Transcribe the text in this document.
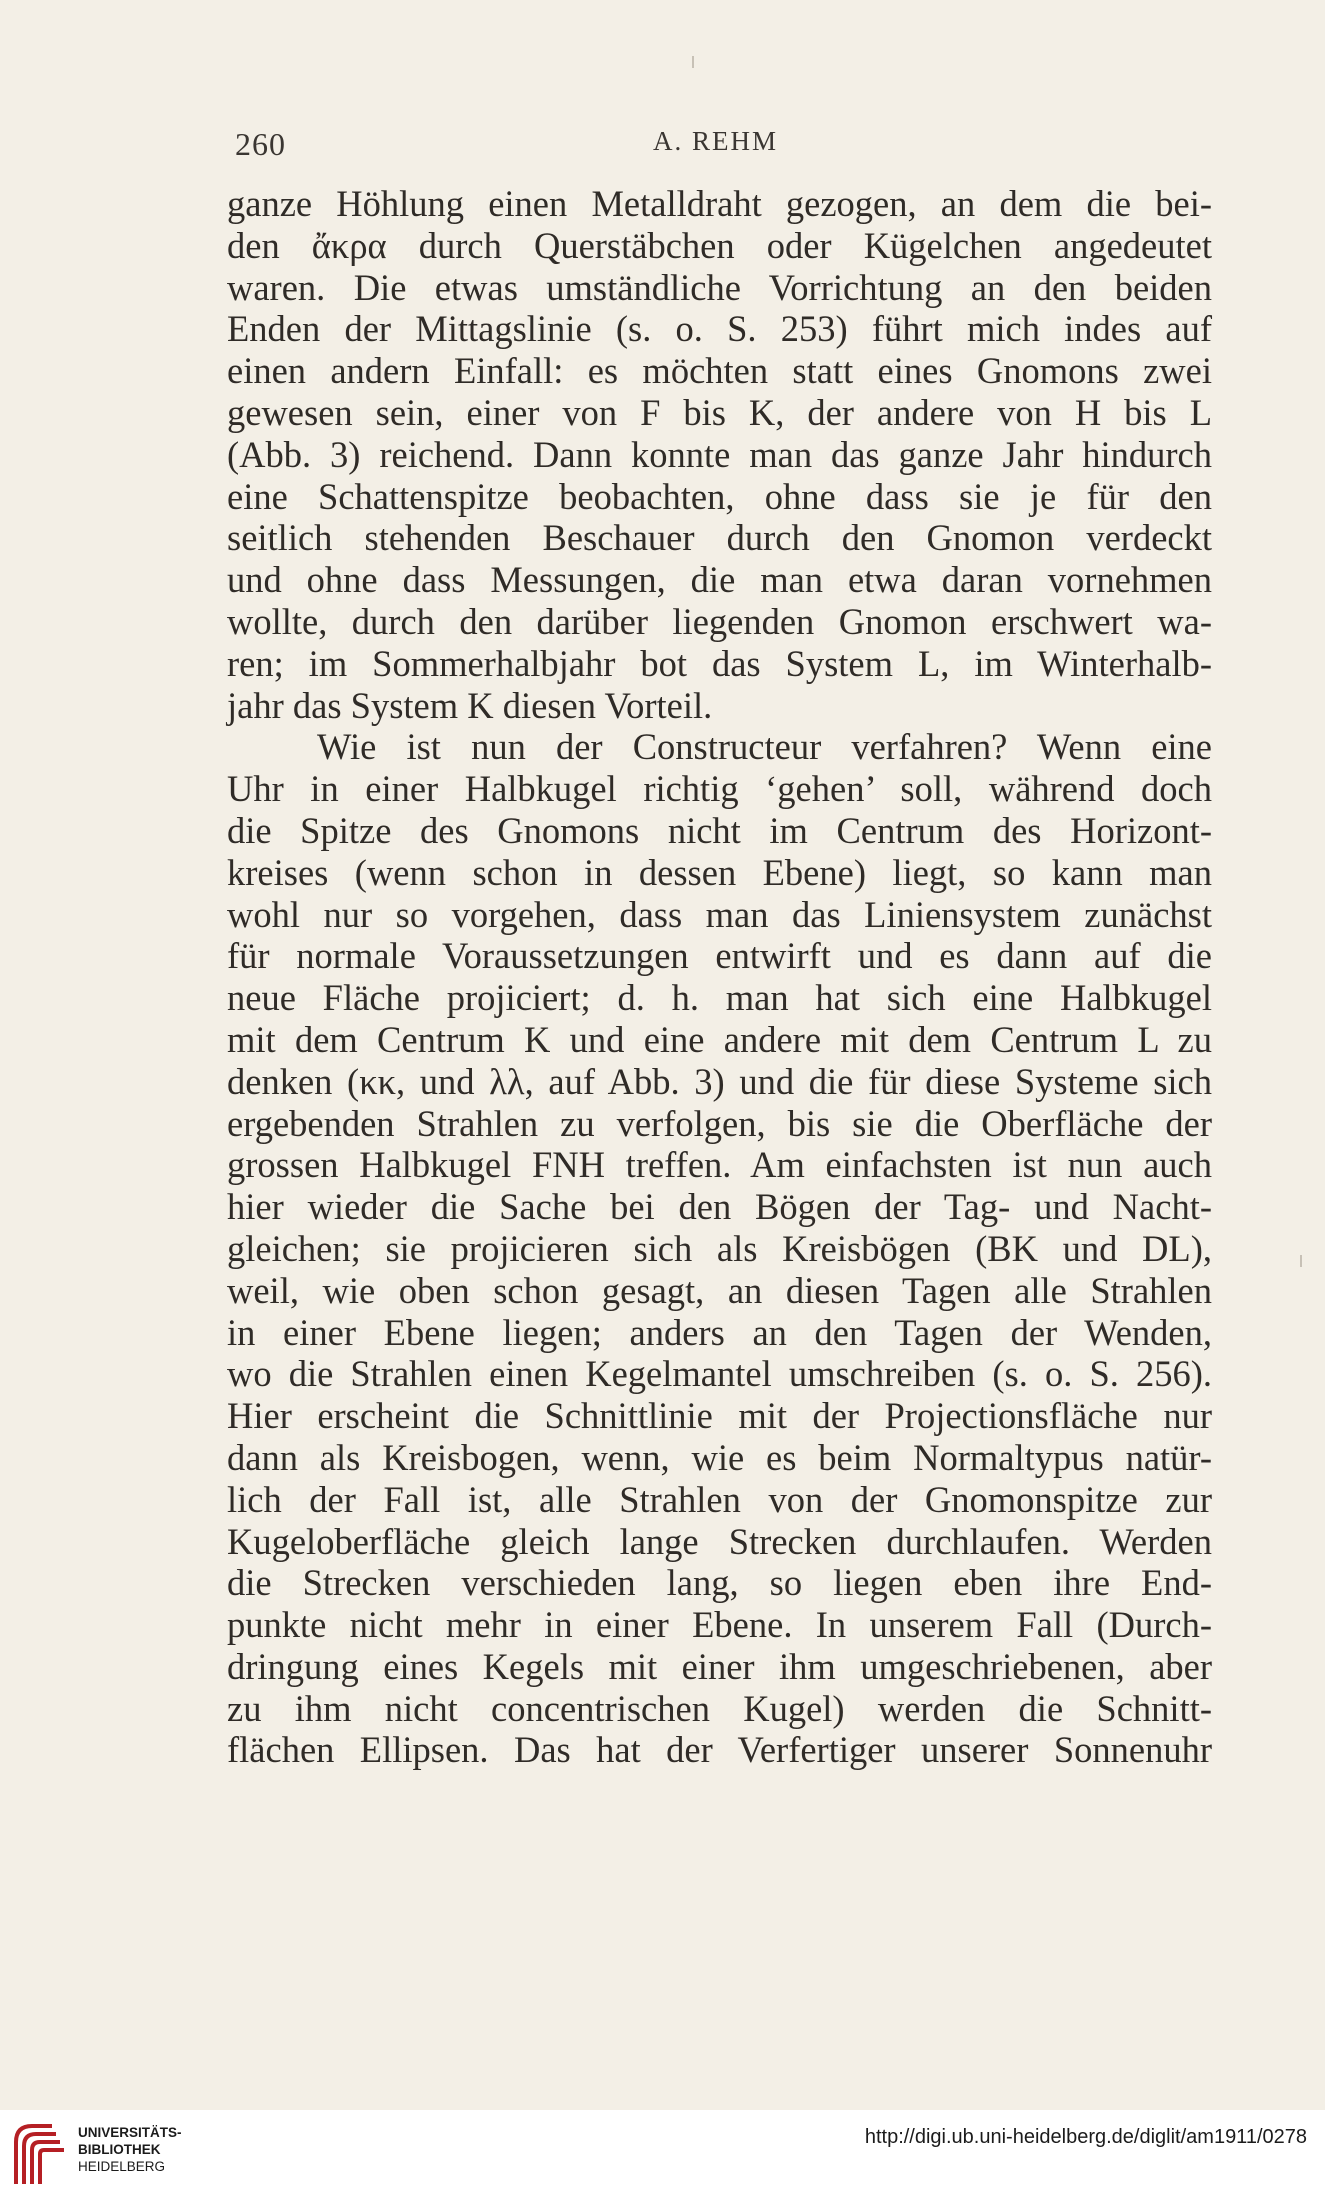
260	A. REHM
ganze Höhlung einen Metalldraht gezogen, an dem die bei-
den ἄκρα durch Querstäbchen oder Kügelchen angedeutet
waren. Die etwas umständliche Vorrichtung an den beiden
Enden der Mittagslinie (s. o. S. 253) führt mich indes auf
einen andern Einfall: es möchten statt eines Gnomons zwei
gewesen sein, einer von F bis K, der andere von H bis L
(Abb. 3) reichend. Dann konnte man das ganze Jahr hindurch
eine Schattenspitze beobachten, ohne dass sie je für den
seitlich stehenden Beschauer durch den Gnomon verdeckt
und ohne dass Messungen, die man etwa daran vornehmen
wollte, durch den darüber liegenden Gnomon erschwert wa-
ren; im Sommerhalbjahr bot das System L, im Winterhalb-
jahr das System K diesen Vorteil.
Wie ist nun der Constructeur verfahren? Wenn eine
Uhr in einer Halbkugel richtig ‘gehen’ soll, während doch
die Spitze des Gnomons nicht im Centrum des Horizont-
kreises (wenn schon in dessen Ebene) liegt, so kann man
wohl nur so vorgehen, dass man das Liniensystem zunächst
für normale Voraussetzungen entwirft und es dann auf die
neue Fläche projiciert; d. h. man hat sich eine Halbkugel
mit dem Centrum K und eine andere mit dem Centrum L zu
denken (κκ, und λλ, auf Abb. 3) und die für diese Systeme sich
ergebenden Strahlen zu verfolgen, bis sie die Oberfläche der
grossen Halbkugel FNH treffen. Am einfachsten ist nun auch
hier wieder die Sache bei den Bögen der Tag- und Nacht-
gleichen; sie projicieren sich als Kreisbögen (BK und DL),
weil, wie oben schon gesagt, an diesen Tagen alle Strahlen
in einer Ebene liegen; anders an den Tagen der Wenden,
wo die Strahlen einen Kegelmantel umschreiben (s. o. S. 256).
Hier erscheint die Schnittlinie mit der Projectionsfläche nur
dann als Kreisbogen, wenn, wie es beim Normaltypus natür-
lich der Fall ist, alle Strahlen von der Gnomonspitze zur
Kugeloberfläche gleich lange Strecken durchlaufen. Werden
die Strecken verschieden lang, so liegen eben ihre End-
punkte nicht mehr in einer Ebene. In unserem Fall (Durch-
dringung eines Kegels mit einer ihm umgeschriebenen, aber
zu ihm nicht concentrischen Kugel) werden die Schnitt-
flächen Ellipsen. Das hat der Verfertiger unserer Sonnenuhr
UNIVERSITÄTS-
BIBLIOTHEK
HEIDELBERG
http://digi.ub.uni-heidelberg.de/diglit/am1911/0278
